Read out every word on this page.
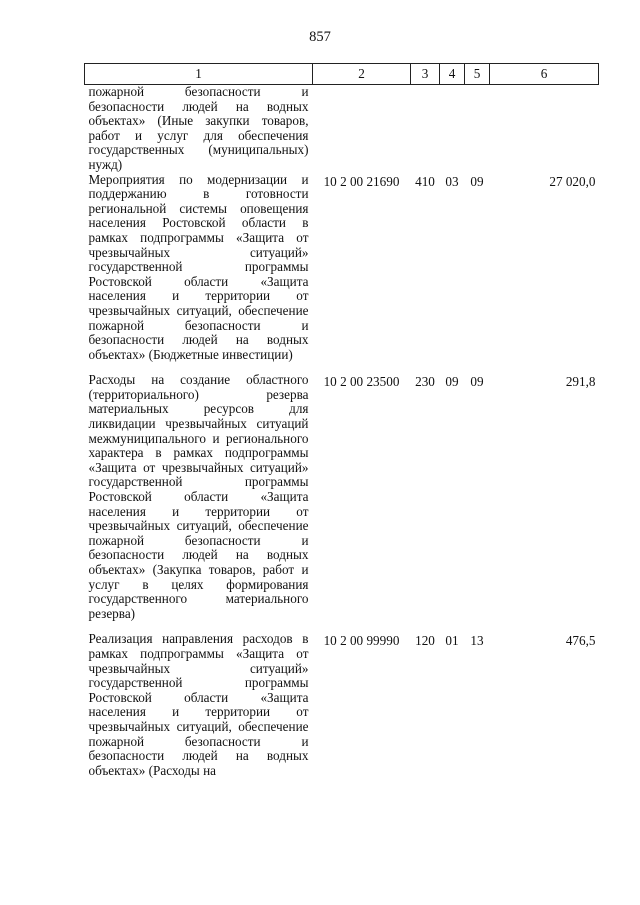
857
1	2	3	4	5	6
пожарной безопасности и безопасности людей на водных объектах» (Иные закупки товаров, работ и услуг для обеспечения государственных (муниципальных) нужд)					
Мероприятия по модернизации и поддержанию в готовности региональной системы оповещения населения Ростовской области в рамках подпрограммы «Защита от чрезвычайных ситуаций» государственной программы Ростовской области «Защита населения и территории от чрезвычайных ситуаций, обеспечение пожарной безопасности и безопасности людей на водных объектах» (Бюджетные инвестиции)	10 2 00 21690	410	03	09	27 020,0
Расходы на создание областного (территориального) резерва материальных ресурсов для ликвидации чрезвычайных ситуаций межмуниципального и регионального характера в рамках подпрограммы «Защита от чрезвычайных ситуаций» государственной программы Ростовской области «Защита населения и территории от чрезвычайных ситуаций, обеспечение пожарной безопасности и безопасности людей на водных объектах» (Закупка товаров, работ и услуг в целях формирования государственного материального резерва)	10 2 00 23500	230	09	09	291,8
Реализация направления расходов в рамках подпрограммы «Защита от чрезвычайных ситуаций» государственной программы Ростовской области «Защита населения и территории от чрезвычайных ситуаций, обеспечение пожарной безопасности и безопасности людей на водных объектах» (Расходы на	10 2 00 99990	120	01	13	476,5
